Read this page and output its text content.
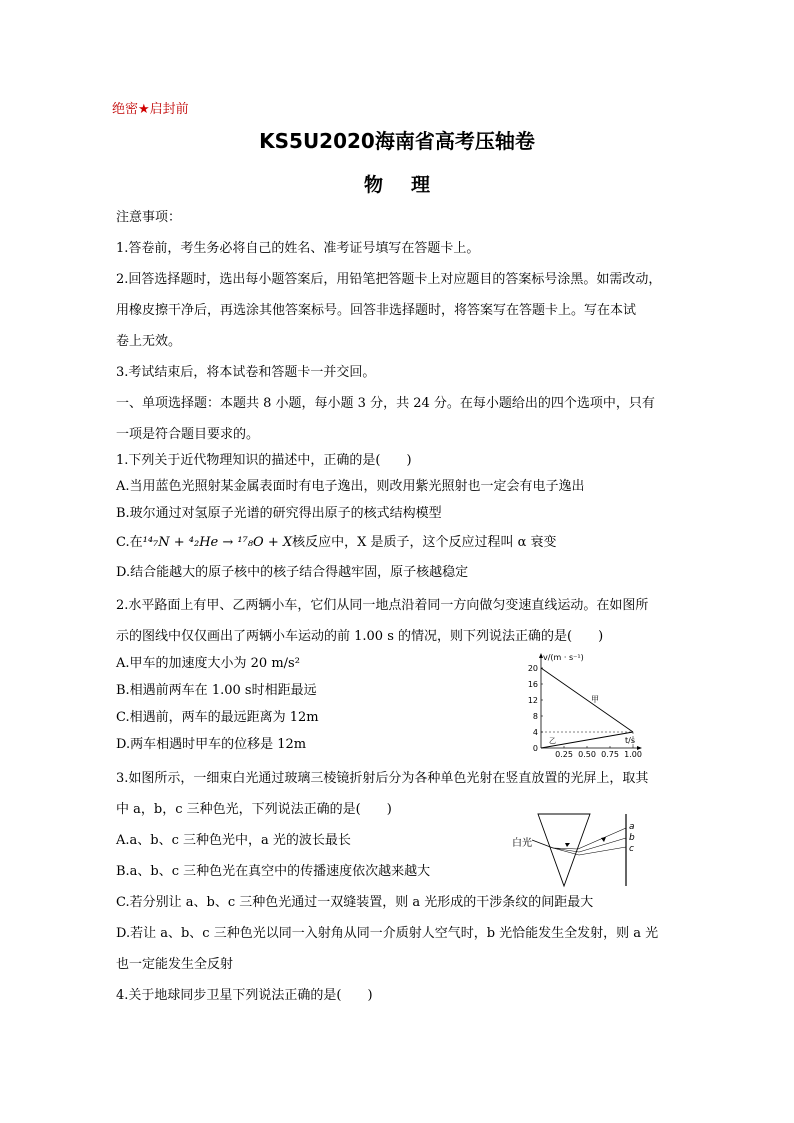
绝密★启封前
KS5U2020海南省高考压轴卷
物理
注意事项：
1.答卷前，考生务必将自己的姓名、准考证号填写在答题卡上。
2.回答选择题时，选出每小题答案后，用铅笔把答题卡上对应题目的答案标号涂黑。如需改动，
用橡皮擦干净后，再选涂其他答案标号。回答非选择题时，将答案写在答题卡上。写在本试
卷上无效。
3.考试结束后，将本试卷和答题卡一并交回。
一、单项选择题：本题共 8 小题，每小题 3 分，共 24 分。在每小题给出的四个选项中，只有
一项是符合题目要求的。
1.下列关于近代物理知识的描述中，正确的是(　　)
A.当用蓝色光照射某金属表面时有电子逸出，则改用紫光照射也一定会有电子逸出
B.玻尔通过对氢原子光谱的研究得出原子的核式结构模型
C.在¹⁴₇N + ⁴₂He → ¹⁷₈O + X核反应中，X 是质子，这个反应过程叫 α 衰变
D.结合能越大的原子核中的核子结合得越牢固，原子核越稳定
2.水平路面上有甲、乙两辆小车，它们从同一地点沿着同一方向做匀变速直线运动。在如图所
示的图线中仅仅画出了两辆小车运动的前 1.00 s 的情况，则下列说法正确的是(　　)
A.甲车的加速度大小为 20 m/s²
B.相遇前两车在 1.00 s时相距最远
C.相遇前，两车的最远距离为 12m
D.两车相遇时甲车的位移是 12m
v/(m · s⁻¹)
t/s
20
16
12
8
4
0
0.25 0.50 0.75 1.00
甲
乙
3.如图所示，一细束白光通过玻璃三棱镜折射后分为各种单色光射在竖直放置的光屏上，取其
中 a，b，c 三种色光，下列说法正确的是(　　)
A.a、b、c 三种色光中，a 光的波长最长
B.a、b、c 三种色光在真空中的传播速度依次越来越大
白光
a
b
c
C.若分别让 a、b、c 三种色光通过一双缝装置，则 a 光形成的干涉条纹的间距最大
D.若让 a、b、c 三种色光以同一入射角从同一介质射人空气时，b 光恰能发生全发射，则 a 光
也一定能发生全反射
4.关于地球同步卫星下列说法正确的是(　　)
